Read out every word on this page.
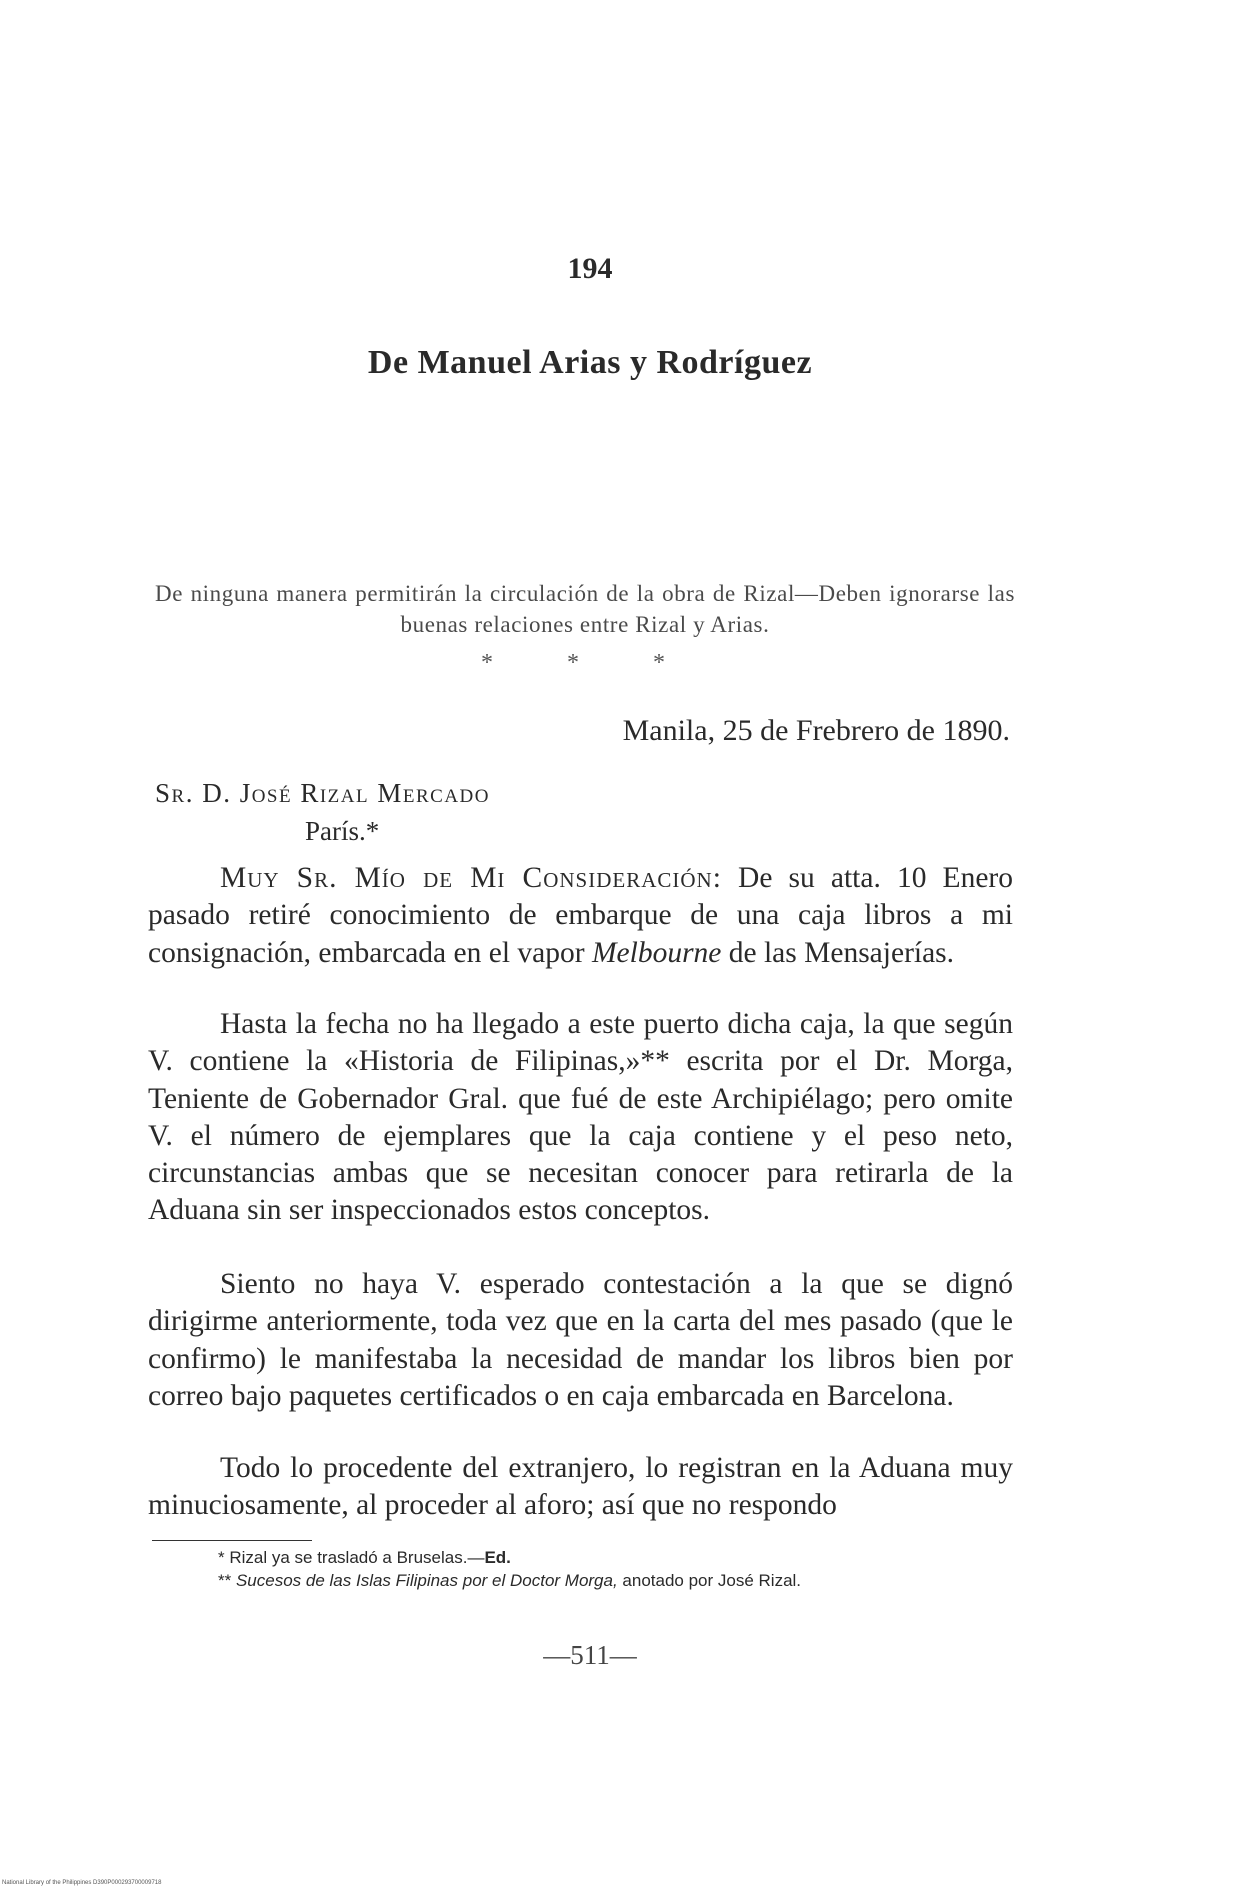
194
De Manuel Arias y Rodríguez
De ninguna manera permitirán la circulación de la obra de Rizal—Deben ignorarse las buenas relaciones entre Rizal y Arias.
* * *
Manila, 25 de Frebrero de 1890.
Sr. D. José Rizal Mercado
París.*

Muy Sr. Mío de Mi Consideración: De su atta. 10 Enero pasado retiré conocimiento de embarque de una caja libros a mi consignación, embarcada en el vapor Melbourne de las Mensajerías.

Hasta la fecha no ha llegado a este puerto dicha caja, la que según V. contiene la «Historia de Filipinas,»** escrita por el Dr. Morga, Teniente de Gobernador Gral. que fué de este Archipiélago; pero omite V. el número de ejemplares que la caja contiene y el peso neto, circunstancias ambas que se necesitan conocer para retirarla de la Aduana sin ser inspeccionados estos conceptos.

Siento no haya V. esperado contestación a la que se dignó dirigirme anteriormente, toda vez que en la carta del mes pasado (que le confirmo) le manifestaba la necesidad de mandar los libros bien por correo bajo paquetes certificados o en caja embarcada en Barcelona.

Todo lo procedente del extranjero, lo registran en la Aduana muy minuciosamente, al proceder al aforo; así que no respondo

* Rizal ya se trasladó a Bruselas.—Ed.

** Sucesos de las Islas Filipinas por el Doctor Morga, anotado por José Rizal.

—511—
National Library of the Philippines D390P000293700009718
